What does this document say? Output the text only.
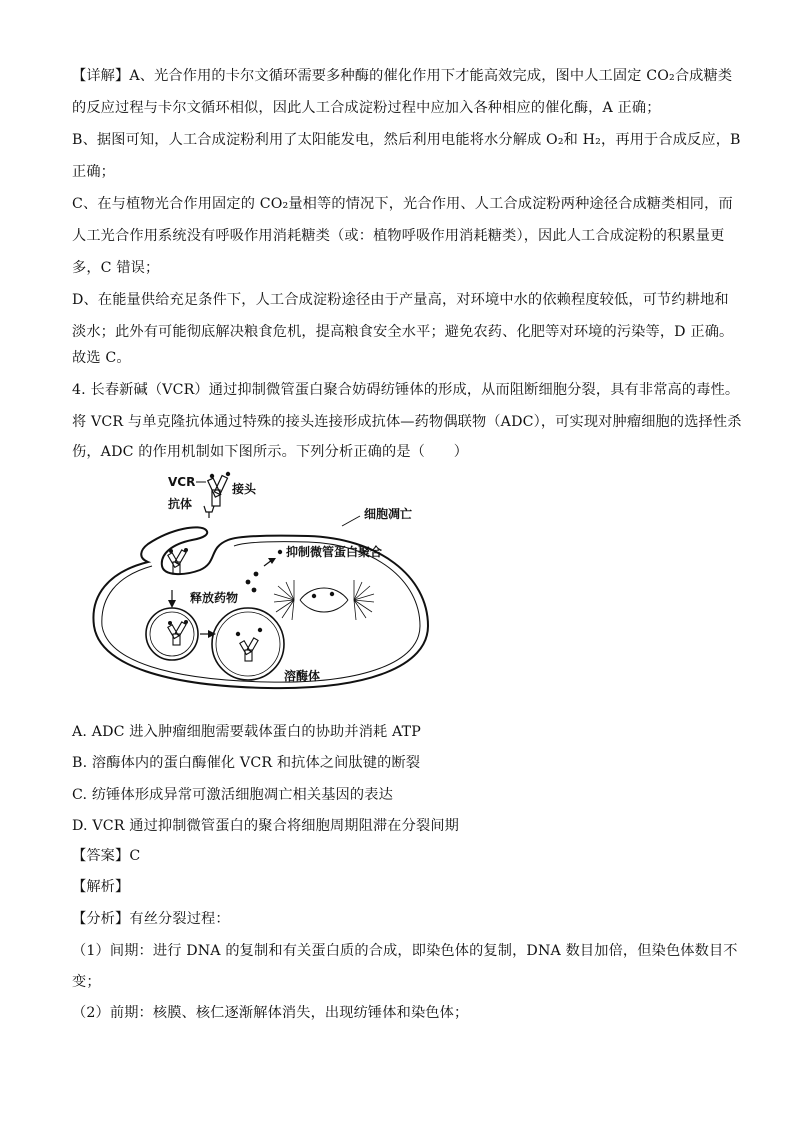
【详解】A、光合作用的卡尔文循环需要多种酶的催化作用下才能高效完成，图中人工固定 CO₂合成糖类
的反应过程与卡尔文循环相似，因此人工合成淀粉过程中应加入各种相应的催化酶，A 正确；
B、据图可知，人工合成淀粉利用了太阳能发电，然后利用电能将水分解成 O₂和 H₂，再用于合成反应，B
正确；
C、在与植物光合作用固定的 CO₂量相等的情况下，光合作用、人工合成淀粉两种途径合成糖类相同，而
人工光合作用系统没有呼吸作用消耗糖类（或：植物呼吸作用消耗糖类），因此人工合成淀粉的积累量更
多，C 错误；
D、在能量供给充足条件下，人工合成淀粉途径由于产量高，对环境中水的依赖程度较低，可节约耕地和
淡水；此外有可能彻底解决粮食危机，提高粮食安全水平；避免农药、化肥等对环境的污染等，D 正确。
故选 C。
4. 长春新碱（VCR）通过抑制微管蛋白聚合妨碍纺锤体的形成，从而阻断细胞分裂，具有非常高的毒性。
将 VCR 与单克隆抗体通过特殊的接头连接形成抗体—药物偶联物（ADC），可实现对肿瘤细胞的选择性杀
伤，ADC 的作用机制如下图所示。下列分析正确的是（　　）
VCR	接头
抗体
细胞凋亡
溶酶体
释放药物
抑制微管蛋白聚合
A. ADC 进入肿瘤细胞需要载体蛋白的协助并消耗 ATP
B. 溶酶体内的蛋白酶催化 VCR 和抗体之间肽键的断裂
C. 纺锤体形成异常可激活细胞凋亡相关基因的表达
D. VCR 通过抑制微管蛋白的聚合将细胞周期阻滞在分裂间期
【答案】C
【解析】
【分析】有丝分裂过程：
（1）间期：进行 DNA 的复制和有关蛋白质的合成，即染色体的复制，DNA 数目加倍，但染色体数目不
变；
（2）前期：核膜、核仁逐渐解体消失，出现纺锤体和染色体；
